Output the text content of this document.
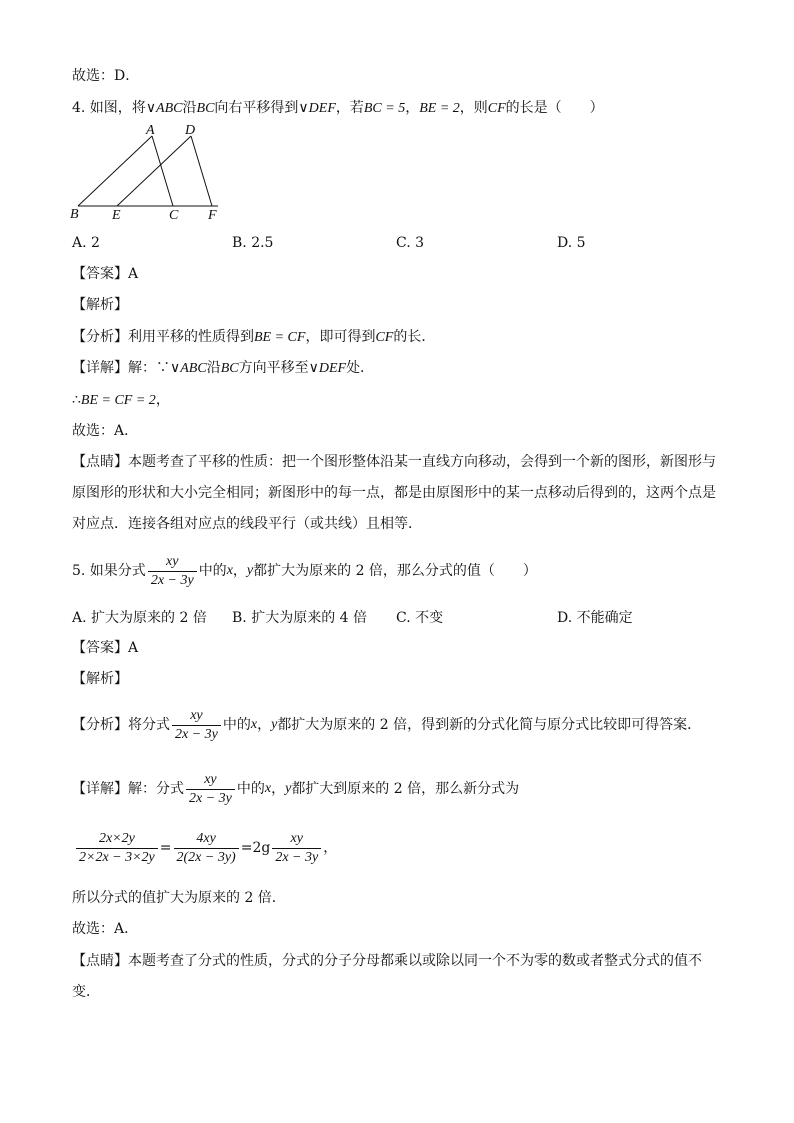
故选：D．
4. 如图，将∨ABC沿BC向右平移得到∨DEF，若BC = 5，BE = 2，则CF的长是（　　）
A D
B E	C F
A. 2	B. 2.5	C. 3	D. 5
【答案】A
【解析】
【分析】利用平移的性质得到BE = CF，即可得到CF的长．
【详解】解：∵∨ABC沿BC方向平移至∨DEF处．
∴BE = CF = 2，
故选：A．
【点睛】本题考查了平移的性质：把一个图形整体沿某一直线方向移动，会得到一个新的图形，新图形与
原图形的形状和大小完全相同；新图形中的每一点，都是由原图形中的某一点移动后得到的，这两个点是
对应点．连接各组对应点的线段平行（或共线）且相等．
5. 如果分式 $\frac{xy}{2x - 3y}$ 中的 x ， y 都扩大为原来的 2 倍，那么分式的值（　　）
A. 扩大为原来的 2 倍 B. 扩大为原来的 4 倍 C. 不变	D. 不能确定
【答案】A
【解析】
【分析】将分式 $\frac{xy}{2x - 3y}$ 中的 x ， y 都扩大为原来的 2 倍，得到新的分式化简与原分式比较即可得答案．
【详解】解：分式 $\frac{xy}{2x - 3y}$ 中的 x ， y 都扩大到原来的 2 倍，那么新分式为
$\frac{2x\times 2y}{2\times 2x - 3\times 2y} = \frac{4xy}{2(2x - 3y)} =2g \frac{xy}{2x - 3y}$ ，
所以分式的值扩大为原来的 2 倍．
故选：A．
【点睛】本题考查了分式的性质，分式的分子分母都乘以或除以同一个不为零的数或者整式分式的值不
变．
